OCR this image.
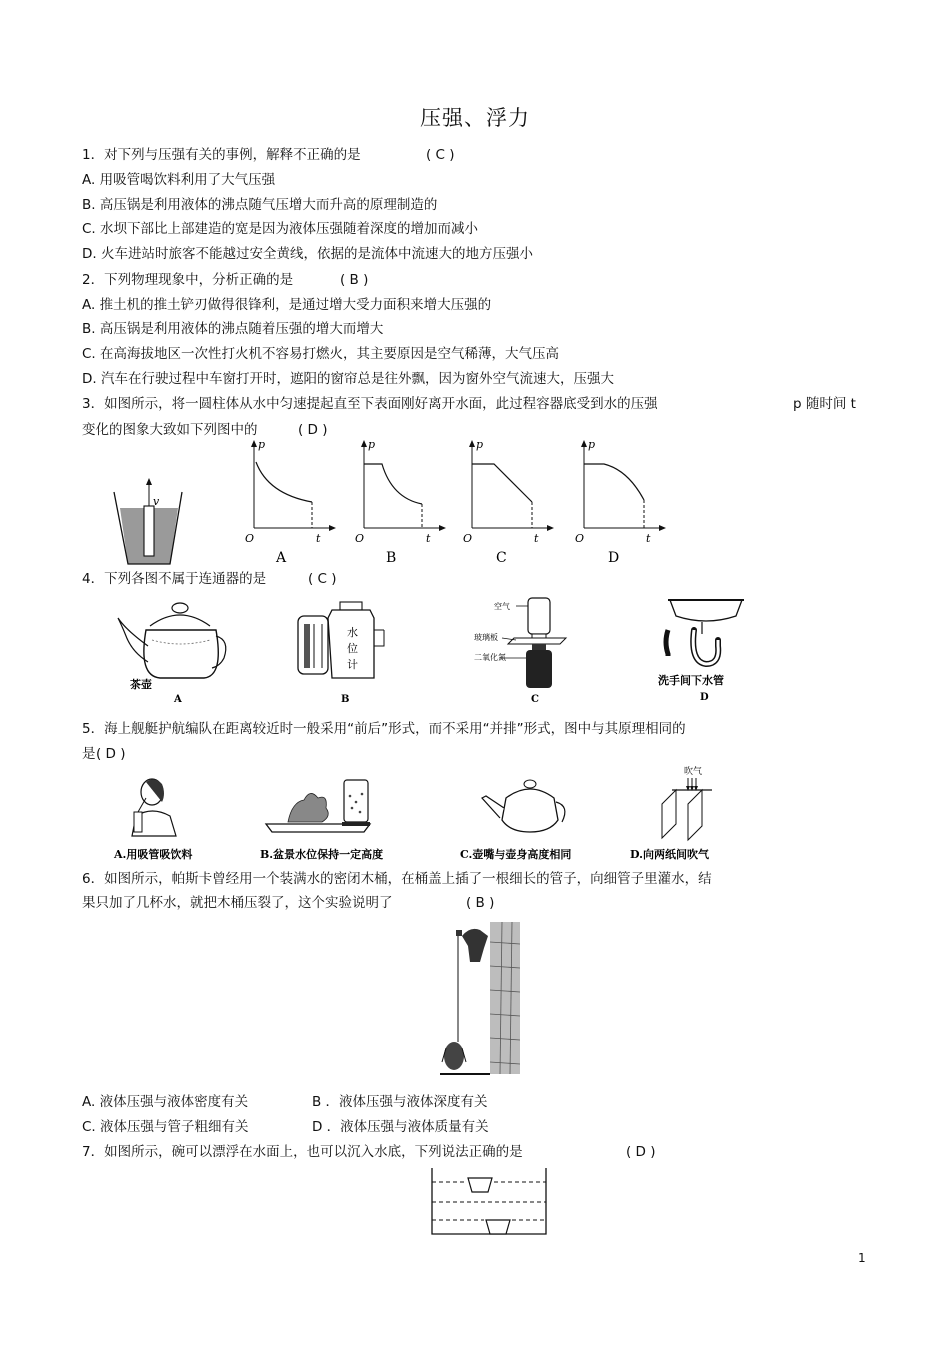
压强、浮力
1．对下列与压强有关的事例，解释不正确的是	( C )
A. 用吸管喝饮料利用了大气压强
B. 高压锅是利用液体的沸点随气压增大而升高的原理制造的
C. 水坝下部比上部建造的宽是因为液体压强随着深度的增加而减小
D. 火车进站时旅客不能越过安全黄线，依据的是流体中流速大的地方压强小
2．下列物理现象中，分析正确的是	( B )
A. 推土机的推土铲刃做得很锋利，是通过增大受力面积来增大压强的
B. 高压锅是利用液体的沸点随着压强的增大而增大
C. 在高海拔地区一次性打火机不容易打燃火，其主要原因是空气稀薄，大气压高
D. 汽车在行驶过程中车窗打开时，遮阳的窗帘总是往外飘，因为窗外空气流速大，压强大
3．如图所示，将一圆柱体从水中匀速提起直至下表面刚好离开水面，此过程容器底受到水的压强	p 随时间 t
变化的图象大致如下列图中的	( D )
v
p
O	t
A
p
O	t
B
p
O	t
C
p
O	t
D
4．下列各图不属于连通器的是	( C )
茶壶
A
水
位
计
B
空气
玻璃板
二氧化氮
C
洗手间下水管
D
5．海上舰艇护航编队在距离较近时一般采用“前后”形式，而不采用“并排”形式，图中与其原理相同的
是 ( D )
A.用吸管吸饮料	B.盆景水位保持一定高度	C.壶嘴与壶身高度相同
吹气
D.向两纸间吹气
6．如图所示，帕斯卡曾经用一个装满水的密闭木桶，在桶盖上插了一根细长的管子，向细管子里灌水，结
果只加了几杯水，就把木桶压裂了，这个实验说明了	( B )
A. 液体压强与液体密度有关	B ．液体压强与液体深度有关
C. 液体压强与管子粗细有关	D ．液体压强与液体质量有关
7．如图所示，碗可以漂浮在水面上，也可以沉入水底，下列说法正确的是	( D )
1
